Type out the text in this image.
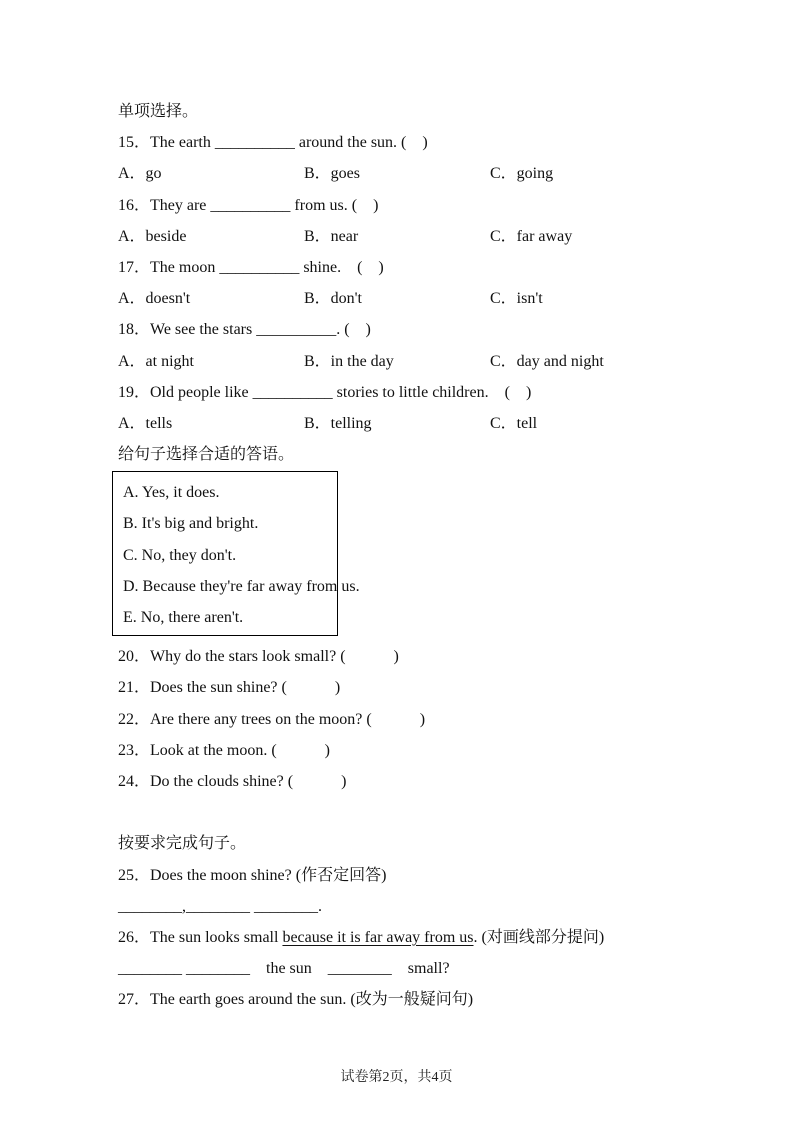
单项选择。
15．The earth __________ around the sun. (　)
A．go	B．goes	C．going
16．They are __________ from us. (　)
A．beside	B．near	C．far away
17．The moon __________ shine.　(　)
A．doesn't	B．don't	C．isn't
18．We see the stars __________. (　)
A．at night	B．in the day	C．day and night
19．Old people like __________ stories to little children.　(　)
A．tells	B．telling	C．tell
给句子选择合适的答语。
A. Yes, it does.
B. It's big and bright.
C. No, they don't.
D. Because they're far away from us.
E. No, there aren't.
20．Why do the stars look small? (　　　)
21．Does the sun shine? (　　　)
22．Are there any trees on the moon? (　　　)
23．Look at the moon. (　　　)
24．Do the clouds shine? (　　　)
按要求完成句子。
25．Does the moon shine? (作否定回答)
________,________ ________.
26．The sun looks small because it is far away from us. (对画线部分提问)
________ ________　the sun　________　small?
27．The earth goes around the sun. (改为一般疑问句)
试卷第2页，共4页
